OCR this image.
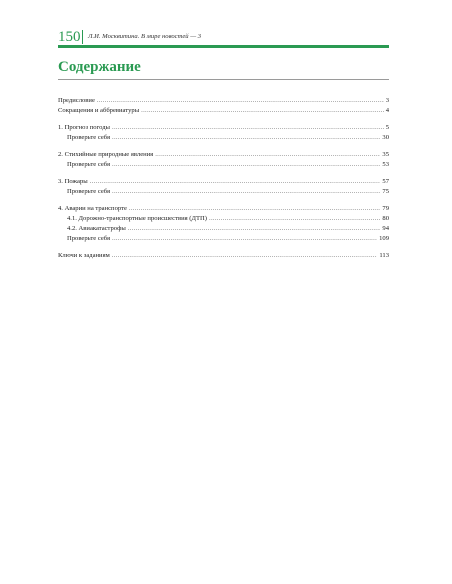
150 Л.И. Москвитина. В мире новостей — 3
Содержание
Предисловие .....	3
Сокращения и аббревиатуры .....	4
1. Прогноз погоды .....	5
Проверьте себя .....	30
2. Стихийные природные явления .....	35
Проверьте себя .....	53
3. Пожары .....	57
Проверьте себя .....	75
4. Аварии на транспорте .....	79
4.1. Дорожно-транспортные происшествия (ДТП) .....	80
4.2. Авиакатастрофы .....	94
Проверьте себя .....	109
Ключи к заданиям .....	113
